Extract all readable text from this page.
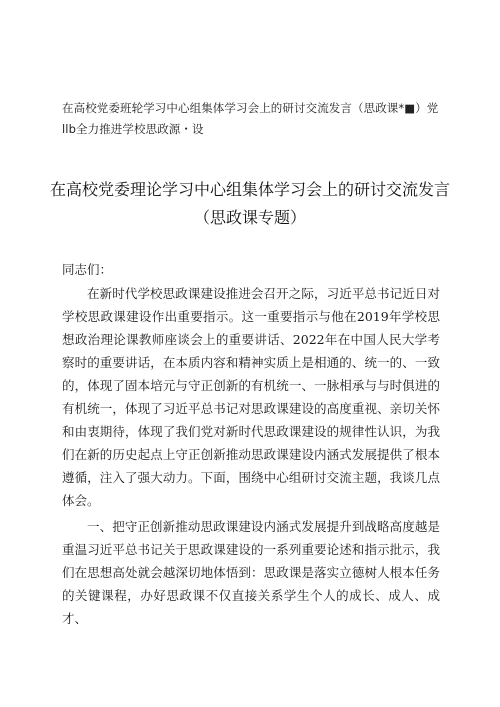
在高校党委班轮学习中心组集体学习会上的研讨交流发言（思政课*■）党llb全力推进学校思政源・设
在高校党委理论学习中心组集体学习会上的研讨交流发言
（思政课专题）

同志们：

在新时代学校思政课建设推进会召开之际，习近平总书记近日对学校思政课建设作出重要指示。这一重要指示与他在2019年学校思想政治理论课教师座谈会上的重要讲话、2022年在中国人民大学考察时的重要讲话，在本质内容和精神实质上是相通的、统一的、一致的，体现了固本培元与守正创新的有机统一、一脉相承与与时俱进的有机统一，体现了习近平总书记对思政课建设的高度重视、亲切关怀和由衷期待，体现了我们党对新时代思政课建设的规律性认识，为我们在新的历史起点上守正创新推动思政课建设内涵式发展提供了根本遵循，注入了强大动力。下面，围绕中心组研讨交流主题，我谈几点体会。

一、把守正创新推动思政课建设内涵式发展提升到战略高度越是重温习近平总书记关于思政课建设的一系列重要论述和指示批示，我们在思想高处就会越深切地体悟到：思政课是落实立德树人根本任务的关键课程，办好思政课不仅直接关系学生个人的成长、成人、成才、
